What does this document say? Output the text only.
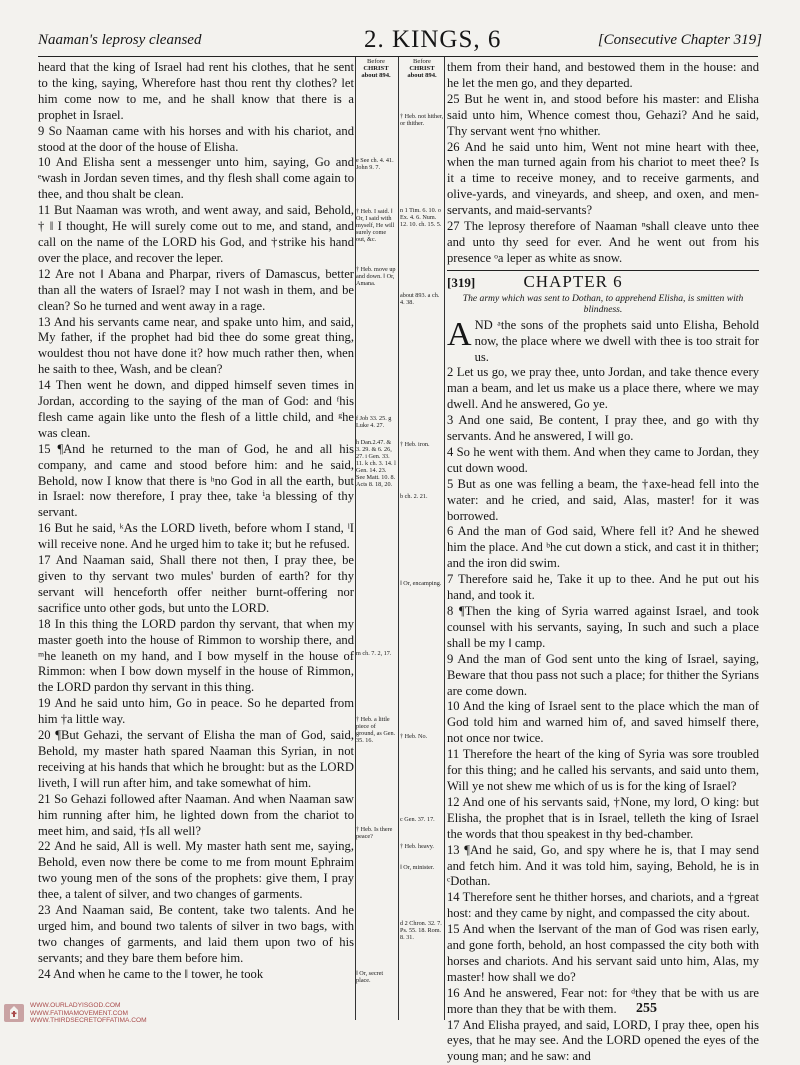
Naaman's leprosy cleansed	2. KINGS, 6	[Consecutive Chapter 319]

heard that the king of Israel had rent his clothes, that he sent to the king, saying, Wherefore hast thou rent thy clothes? let him come now to me, and he shall know that there is a prophet in Israel.

9 So Naaman came with his horses and with his chariot, and stood at the door of the house of Elisha.

10 And Elisha sent a messenger unto him, saying, Go and ᵉwash in Jordan seven times, and thy flesh shall come again to thee, and thou shalt be clean.

11 But Naaman was wroth, and went away, and said, Behold, † ‖ I thought, He will surely come out to me, and stand, and call on the name of the LORD his God, and †strike his hand over the place, and recover the leper.

12 Are not ‖ Abana and Pharpar, rivers of Damascus, better than all the waters of Israel? may I not wash in them, and be clean? So he turned and went away in a rage.

13 And his servants came near, and spake unto him, and said, My father, if the prophet had bid thee do some great thing, wouldest thou not have done it? how much rather then, when he saith to thee, Wash, and be clean?

14 Then went he down, and dipped himself seven times in Jordan, according to the saying of the man of God: and ᶠhis flesh came again like unto the flesh of a little child, and ᵍhe was clean.

15 ¶And he returned to the man of God, he and all his company, and came and stood before him: and he said, Behold, now I know that there is ʰno God in all the earth, but in Israel: now therefore, I pray thee, take ⁱa blessing of thy servant.

16 But he said, ᵏAs the LORD liveth, before whom I stand, ˡI will receive none. And he urged him to take it; but he refused.

17 And Naaman said, Shall there not then, I pray thee, be given to thy servant two mules' burden of earth? for thy servant will henceforth offer neither burnt-offering nor sacrifice unto other gods, but unto the LORD.

18 In this thing the LORD pardon thy servant, that when my master goeth into the house of Rimmon to worship there, and ᵐhe leaneth on my hand, and I bow myself in the house of Rimmon: when I bow down myself in the house of Rimmon, the LORD pardon thy servant in this thing.

19 And he said unto him, Go in peace. So he departed from him †a little way.

20 ¶But Gehazi, the servant of Elisha the man of God, said, Behold, my master hath spared Naaman this Syrian, in not receiving at his hands that which he brought: but as the LORD liveth, I will run after him, and take somewhat of him.

21 So Gehazi followed after Naaman. And when Naaman saw him running after him, he lighted down from the chariot to meet him, and said, †Is all well?

22 And he said, All is well. My master hath sent me, saying, Behold, even now there be come to me from mount Ephraim two young men of the sons of the prophets: give them, I pray thee, a talent of silver, and two changes of garments.

23 And Naaman said, Be content, take two talents. And he urged him, and bound two talents of silver in two bags, with two changes of garments, and laid them upon two of his servants; and they bare them before him.

24 And when he came to the ‖ tower, he took

Before
CHRIST
about 894.
e See ch. 4. 41. John 9. 7.
† Heb. I said. ‖ Or, I said with myself, He will surely come out, &c.
† Heb. move up and down. ‖ Or, Amana.
f Job 33. 25. g Luke 4. 27.
h Dan.2.47. & 3. 29. & 6. 26, 27. i Gen. 33. 11. k ch. 3. 14. l Gen. 14. 23. See Matt. 10. 8. Acts 8. 18, 20.
m ch. 7. 2, 17.
† Heb. a little piece of ground, as Gen. 35. 16.
† Heb. Is there peace?
‖ Or, secret place.
Before
CHRIST
about 894.
† Heb. not hither, or thither.
n 1 Tim. 6. 10. o Ex. 4. 6. Num. 12. 10. ch. 15. 5.
about 893. a ch. 4. 38.
† Heb. iron.
b ch. 2. 21.
‖ Or, encamping.
† Heb. No.
c Gen. 37. 17.
† Heb. heavy.
‖ Or, minister.
d 2 Chron. 32. 7. Ps. 55. 18. Rom. 8. 31.

them from their hand, and bestowed them in the house: and he let the men go, and they departed.

25 But he went in, and stood before his master: and Elisha said unto him, Whence comest thou, Gehazi? And he said, Thy servant went †no whither.

26 And he said unto him, Went not mine heart with thee, when the man turned again from his chariot to meet thee? Is it a time to receive money, and to receive garments, and olive-yards, and vineyards, and sheep, and oxen, and men-servants, and maid-servants?

27 The leprosy therefore of Naaman ⁿshall cleave unto thee and unto thy seed for ever. And he went out from his presence ᵒa leper as white as snow.

[319]	CHAPTER 6
The army which was sent to Dothan, to apprehend Elisha, is smitten with blindness.

AND ᵃthe sons of the prophets said unto Elisha, Behold now, the place where we dwell with thee is too strait for us.

2 Let us go, we pray thee, unto Jordan, and take thence every man a beam, and let us make us a place there, where we may dwell. And he answered, Go ye.

3 And one said, Be content, I pray thee, and go with thy servants. And he answered, I will go.

4 So he went with them. And when they came to Jordan, they cut down wood.

5 But as one was felling a beam, the †axe-head fell into the water: and he cried, and said, Alas, master! for it was borrowed.

6 And the man of God said, Where fell it? And he shewed him the place. And ᵇhe cut down a stick, and cast it in thither; and the iron did swim.

7 Therefore said he, Take it up to thee. And he put out his hand, and took it.

8 ¶Then the king of Syria warred against Israel, and took counsel with his servants, saying, In such and such a place shall be my ‖ camp.

9 And the man of God sent unto the king of Israel, saying, Beware that thou pass not such a place; for thither the Syrians are come down.

10 And the king of Israel sent to the place which the man of God told him and warned him of, and saved himself there, not once nor twice.

11 Therefore the heart of the king of Syria was sore troubled for this thing; and he called his servants, and said unto them, Will ye not shew me which of us is for the king of Israel?

12 And one of his servants said, †None, my lord, O king: but Elisha, the prophet that is in Israel, telleth the king of Israel the words that thou speakest in thy bed-chamber.

13 ¶And he said, Go, and spy where he is, that I may send and fetch him. And it was told him, saying, Behold, he is in ᶜDothan.

14 Therefore sent he thither horses, and chariots, and a †great host: and they came by night, and compassed the city about.

15 And when the ‖servant of the man of God was risen early, and gone forth, behold, an host compassed the city both with horses and chariots. And his servant said unto him, Alas, my master! how shall we do?

16 And he answered, Fear not: for ᵈthey that be with us are more than they that be with them.

17 And Elisha prayed, and said, LORD, I pray thee, open his eyes, that he may see. And the LORD opened the eyes of the young man; and he saw: and

255
WWW.OURLADYISGOD.COM
WWW.FATIMAMOVEMENT.COM
WWW.THIRDSECRETOFFATIMA.COM
